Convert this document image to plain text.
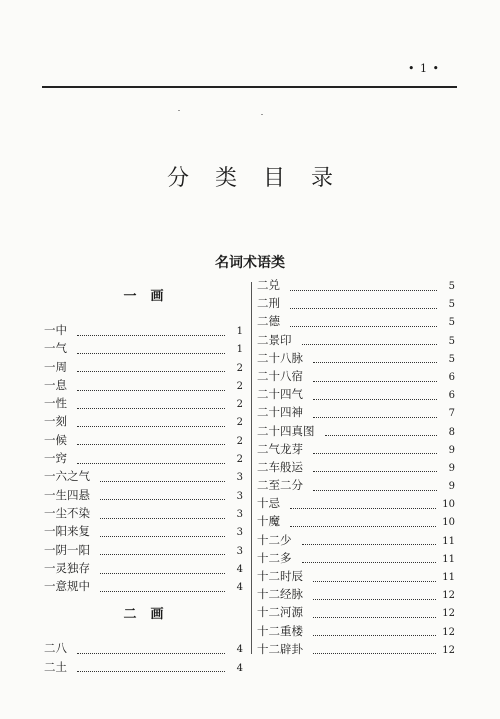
• 1 •
分类目录
名词术语类
一画
一中	1
一气	1
一周	2
一息	2
一性	2
一刻	2
一候	2
一窍	2
一六之气	3
一生四悬	3
一尘不染	3
一阳来复	3
一阴一阳	3
一灵独存	4
一意规中	4
二画
二八	4
二土	4
二兑	5
二刑	5
二德	5
二景印	5
二十八脉	5
二十八宿	6
二十四气	6
二十四神	7
二十四真图	8
二气龙芽	9
二车般运	9
二至二分	9
十忌	10
十魔	10
十二少	11
十二多	11
十二时辰	11
十二经脉	12
十二河源	12
十二重楼	12
十二辟卦	12
